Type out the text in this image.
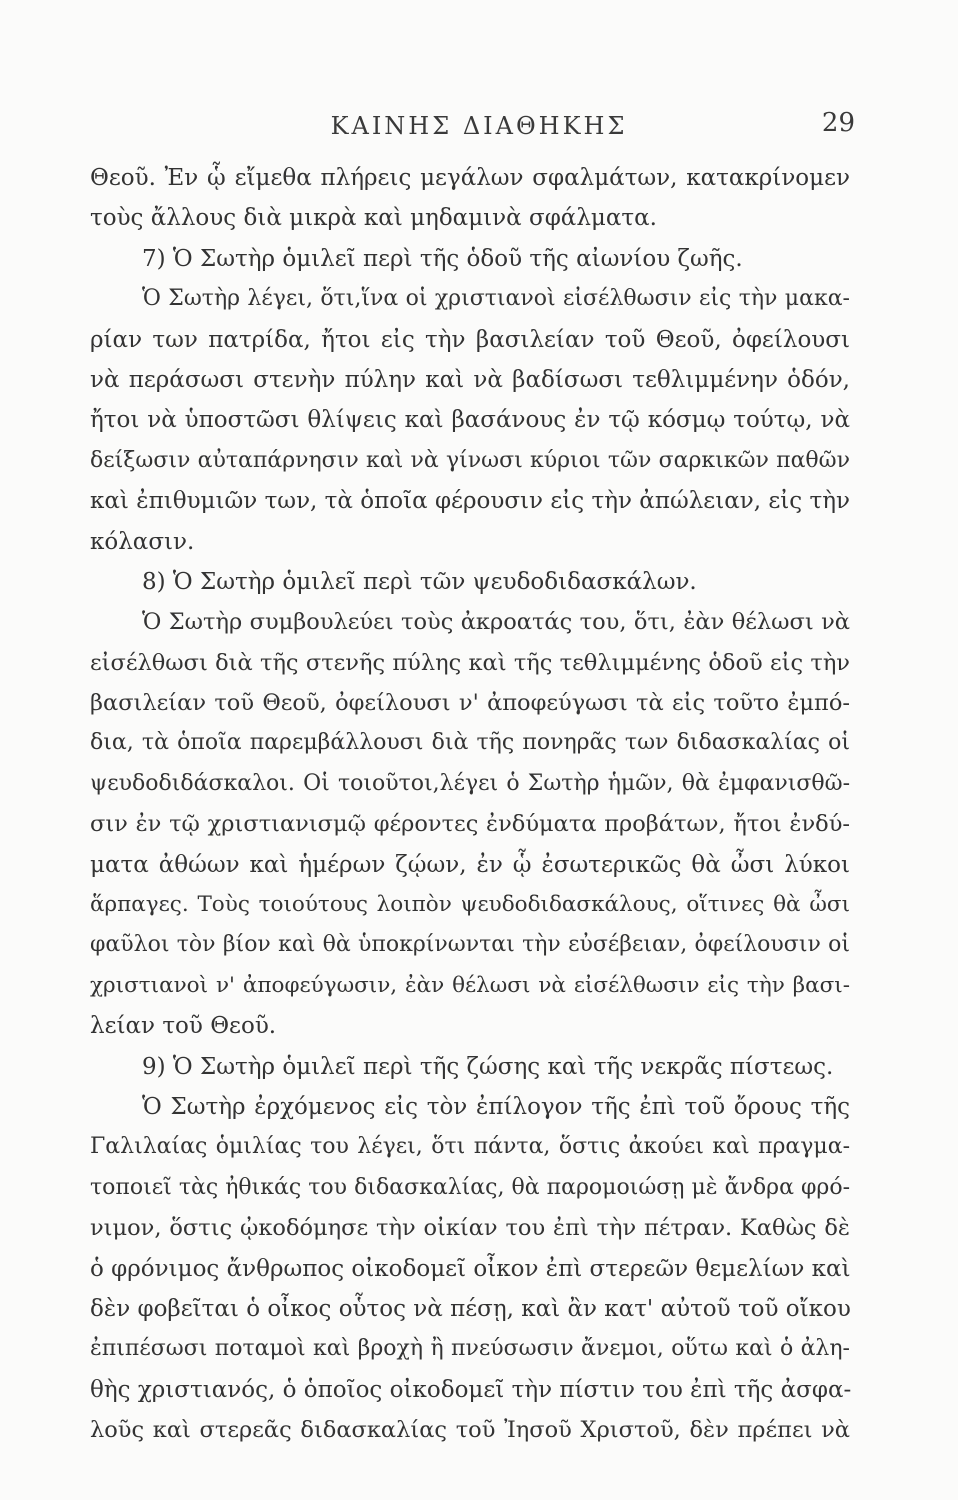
ΚΑΙΝΗΣ ΔΙΑΘΗΚΗΣ	29
Θεοῦ. Ἐν ᾧ εἴμεθα πλήρεις μεγάλων σφαλμάτων, κατακρίνομεν
τοὺς ἄλλους διὰ μικρὰ καὶ μηδαμινὰ σφάλματα.
7) Ὁ Σωτὴρ ὁμιλεῖ περὶ τῆς ὁδοῦ τῆς αἰωνίου ζωῆς.
Ὁ Σωτὴρ λέγει, ὅτι,ἵνα οἱ χριστιανοὶ εἰσέλθωσιν εἰς τὴν μακα-
ρίαν των πατρίδα, ἤτοι εἰς τὴν βασιλείαν τοῦ Θεοῦ, ὀφείλουσι
νὰ περάσωσι στενὴν πύλην καὶ νὰ βαδίσωσι τεθλιμμένην ὁδόν,
ἤτοι νὰ ὑποστῶσι θλίψεις καὶ βασάνους ἐν τῷ κόσμῳ τούτῳ, νὰ
δείξωσιν αὐταπάρνησιν καὶ νὰ γίνωσι κύριοι τῶν σαρκικῶν παθῶν
καὶ ἐπιθυμιῶν των, τὰ ὁποῖα φέρουσιν εἰς τὴν ἀπώλειαν, εἰς τὴν
κόλασιν.
8) Ὁ Σωτὴρ ὁμιλεῖ περὶ τῶν ψευδοδιδασκάλων.
Ὁ Σωτὴρ συμβουλεύει τοὺς ἀκροατάς του, ὅτι, ἐὰν θέλωσι νὰ
εἰσέλθωσι διὰ τῆς στενῆς πύλης καὶ τῆς τεθλιμμένης ὁδοῦ εἰς τὴν
βασιλείαν τοῦ Θεοῦ, ὀφείλουσι ν' ἀποφεύγωσι τὰ εἰς τοῦτο ἐμπό-
δια, τὰ ὁποῖα παρεμβάλλουσι διὰ τῆς πονηρᾶς των διδασκαλίας οἱ
ψευδοδιδάσκαλοι. Οἱ τοιοῦτοι,λέγει ὁ Σωτὴρ ἡμῶν, θὰ ἐμφανισθῶ-
σιν ἐν τῷ χριστιανισμῷ φέροντες ἐνδύματα προβάτων, ἤτοι ἐνδύ-
ματα ἀθώων καὶ ἡμέρων ζῴων, ἐν ᾧ ἐσωτερικῶς θὰ ὦσι λύκοι
ἅρπαγες. Τοὺς τοιούτους λοιπὸν ψευδοδιδασκάλους, οἵτινες θὰ ὦσι
φαῦλοι τὸν βίον καὶ θὰ ὑποκρίνωνται τὴν εὐσέβειαν, ὀφείλουσιν οἱ
χριστιανοὶ ν' ἀποφεύγωσιν, ἐὰν θέλωσι νὰ εἰσέλθωσιν εἰς τὴν βασι-
λείαν τοῦ Θεοῦ.
9) Ὁ Σωτὴρ ὁμιλεῖ περὶ τῆς ζώσης καὶ τῆς νεκρᾶς πίστεως.
Ὁ Σωτὴρ ἐρχόμενος εἰς τὸν ἐπίλογον τῆς ἐπὶ τοῦ ὄρους τῆς
Γαλιλαίας ὁμιλίας του λέγει, ὅτι πάντα, ὅστις ἀκούει καὶ πραγμα-
τοποιεῖ τὰς ἠθικάς του διδασκαλίας, θὰ παρομοιώσῃ μὲ ἄνδρα φρό-
νιμον, ὅστις ᾠκοδόμησε τὴν οἰκίαν του ἐπὶ τὴν πέτραν. Καθὼς δὲ
ὁ φρόνιμος ἄνθρωπος οἰκοδομεῖ οἶκον ἐπὶ στερεῶν θεμελίων καὶ
δὲν φοβεῖται ὁ οἶκος οὗτος νὰ πέσῃ, καὶ ἂν κατ' αὐτοῦ τοῦ οἴκου
ἐπιπέσωσι ποταμοὶ καὶ βροχὴ ἢ πνεύσωσιν ἄνεμοι, οὕτω καὶ ὁ ἀλη-
θὴς χριστιανός, ὁ ὁποῖος οἰκοδομεῖ τὴν πίστιν του ἐπὶ τῆς ἀσφα-
λοῦς καὶ στερεᾶς διδασκαλίας τοῦ Ἰησοῦ Χριστοῦ, δὲν πρέπει νὰ
